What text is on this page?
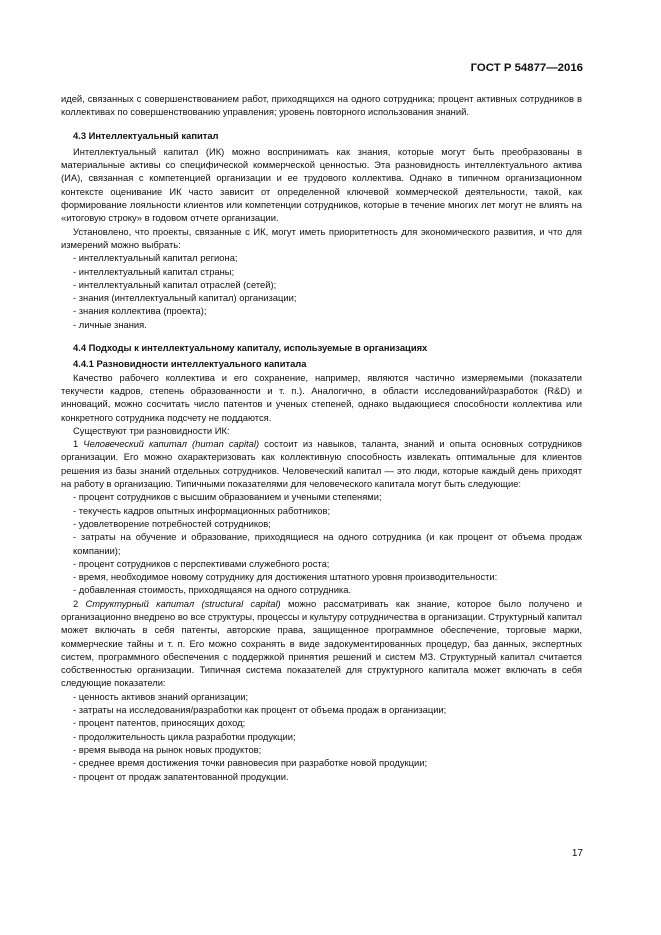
ГОСТ Р 54877—2016

идей, связанных с совершенствованием работ, приходящихся на одного сотрудника; процент активных сотрудников в коллективах по совершенствованию управления; уровень повторного использования знаний.

4.3 Интеллектуальный капитал

Интеллектуальный капитал (ИК) можно воспринимать как знания, которые могут быть преобразованы в материальные активы со специфической коммерческой ценностью. Эта разновидность интеллектуального актива (ИА), связанная с компетенцией организации и ее трудового коллектива. Однако в типичном организационном контексте оценивание ИК часто зависит от определенной ключевой коммерческой деятельности, такой, как формирование лояльности клиентов или компетенции сотрудников, которые в течение многих лет могут не влиять на «итоговую строку» в годовом отчете организации.

Установлено, что проекты, связанные с ИК, могут иметь приоритетность для экономического развития, и что для измерений можно выбрать:

- интеллектуальный капитал региона;

- интеллектуальный капитал страны;

- интеллектуальный капитал отраслей (сетей);

- знания (интеллектуальный капитал) организации;

- знания коллектива (проекта);

- личные знания.

4.4 Подходы к интеллектуальному капиталу, используемые в организациях
4.4.1 Разновидности интеллектуального капитала

Качество рабочего коллектива и его сохранение, например, являются частично измеряемыми (показатели текучести кадров, степень образованности и т. п.). Аналогично, в области исследований/разработок (R&D) и инноваций, можно сосчитать число патентов и ученых степеней, однако выдающиеся способности коллектива или конкретного сотрудника подсчету не поддаются.

Существуют три разновидности ИК:

1 Человеческий капитал (human capital) состоит из навыков, таланта, знаний и опыта основных сотрудников организации. Его можно охарактеризовать как коллективную способность извлекать оптимальные для клиентов решения из базы знаний отдельных сотрудников. Человеческий капитал — это люди, которые каждый день приходят на работу в организацию. Типичными показателями для человеческого капитала могут быть следующие:

- процент сотрудников с высшим образованием и учеными степенями;

- текучесть кадров опытных информационных работников;

- удовлетворение потребностей сотрудников;

- затраты на обучение и образование, приходящиеся на одного сотрудника (и как процент от объема продаж компании);

- процент сотрудников с перспективами служебного роста;

- время, необходимое новому сотруднику для достижения штатного уровня производительности:

- добавленная стоимость, приходящаяся на одного сотрудника.

2 Структурный капитал (structural capital) можно рассматривать как знание, которое было получено и организационно внедрено во все структуры, процессы и культуру сотрудничества в организации. Структурный капитал может включать в себя патенты, авторские права, защищенное программное обеспечение, торговые марки, коммерческие тайны и т. п. Его можно сохранять в виде задокументированных процедур, баз данных, экспертных систем, программного обеспечения с поддержкой принятия решений и систем МЗ. Структурный капитал считается собственностью организации. Типичная система показателей для структурного капитала может включать в себя следующие показатели:

- ценность активов знаний организации;

- затраты на исследования/разработки как процент от объема продаж в организации;

- процент патентов, приносящих доход;

- продолжительность цикла разработки продукции;

- время вывода на рынок новых продуктов;

- среднее время достижения точки равновесия при разработке новой продукции;

- процент от продаж запатентованной продукции.

17
